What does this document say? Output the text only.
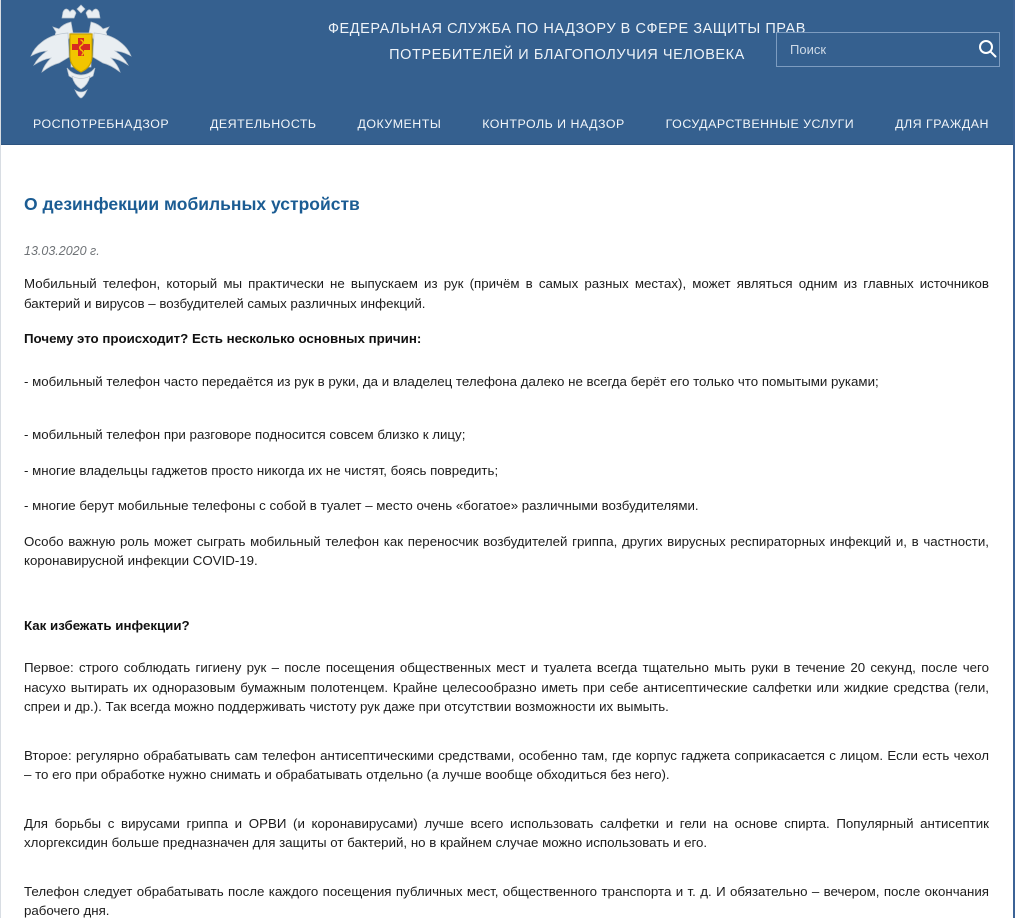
ФЕДЕРАЛЬНАЯ СЛУЖБА ПО НАДЗОРУ В СФЕРЕ ЗАЩИТЫ ПРАВ
ПОТРЕБИТЕЛЕЙ И БЛАГОПОЛУЧИЯ ЧЕЛОВЕКА
Поиск
РОСПОТРЕБНАДЗОР	ДЕЯТЕЛЬНОСТЬ	ДОКУМЕНТЫ	КОНТРОЛЬ И НАДЗОР	ГОСУДАРСТВЕННЫЕ УСЛУГИ	ДЛЯ ГРАЖДАН
О дезинфекции мобильных устройств

13.03.2020 г.

Мобильный телефон, который мы практически не выпускаем из рук (причём в самых разных местах), может являться одним из главных источников бактерий и вирусов – возбудителей самых различных инфекций.

Почему это происходит? Есть несколько основных причин:

- мобильный телефон часто передаётся из рук в руки, да и владелец телефона далеко не всегда берёт его только что помытыми руками;

- мобильный телефон при разговоре подносится совсем близко к лицу;

- многие владельцы гаджетов просто никогда их не чистят, боясь повредить;

- многие берут мобильные телефоны с собой в туалет – место очень «богатое» различными возбудителями.

Особо важную роль может сыграть мобильный телефон как переносчик возбудителей гриппа, других вирусных респираторных инфекций и, в частности, коронавирусной инфекции COVID-19.

Как избежать инфекции?

Первое: строго соблюдать гигиену рук – после посещения общественных мест и туалета всегда тщательно мыть руки в течение 20 секунд, после чего насухо вытирать их одноразовым бумажным полотенцем. Крайне целесообразно иметь при себе антисептические салфетки или жидкие средства (гели, спреи и др.). Так всегда можно поддерживать чистоту рук даже при отсутствии возможности их вымыть.

Второе: регулярно обрабатывать сам телефон антисептическими средствами, особенно там, где корпус гаджета соприкасается с лицом. Если есть чехол – то его при обработке нужно снимать и обрабатывать отдельно (а лучше вообще обходиться без него).

Для борьбы с вирусами гриппа и ОРВИ (и коронавирусами) лучше всего использовать салфетки и гели на основе спирта. Популярный антисептик хлоргексидин больше предназначен для защиты от бактерий, но в крайнем случае можно использовать и его.

Телефон следует обрабатывать после каждого посещения публичных мест, общественного транспорта и т. д. И обязательно – вечером, после окончания рабочего дня.
